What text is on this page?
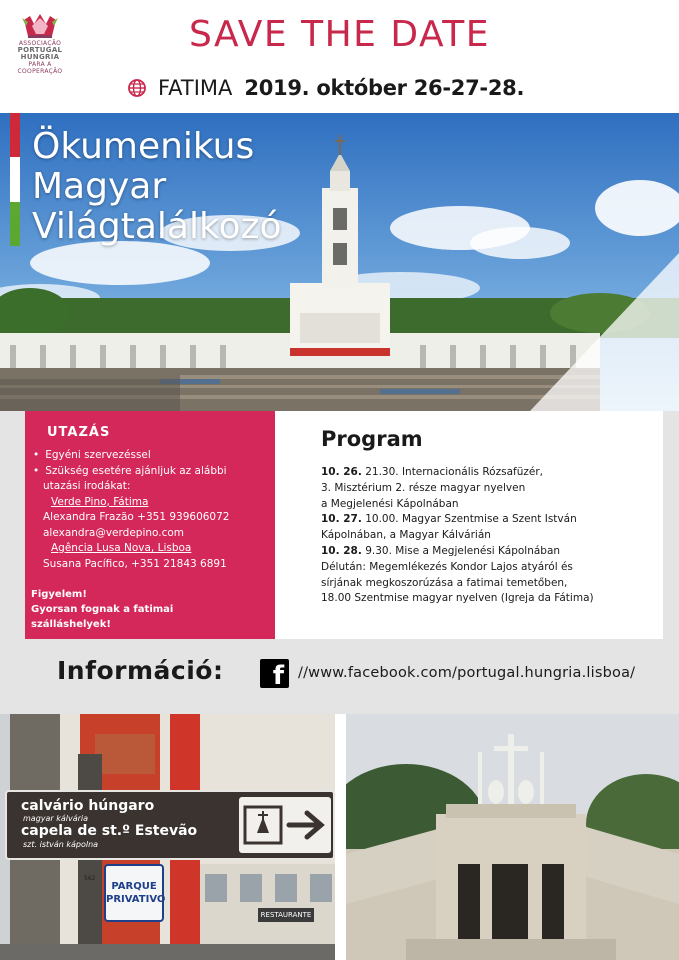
ASSOCIAÇÃO
PORTUGAL
HUNGRIA
PARA A COOPERAÇÃO
SAVE THE DATE
FATIMA 2019. október 26-27-28.
Ökumenikus
Magyar
Világtalálkozó
UTAZÁS
• Egyéni szervezéssel
• Szükség esetére ajánljuk az alábbi
utazási irodákat:
Verde Pino, Fátima
Alexandra Frazão +351 939606072
alexandra@verdepino.com
Agência Lusa Nova, Lisboa
Susana Pacífico, +351 21843 6891
Figyelem!
Gyorsan fognak a fatimai
szálláshelyek!
Program
10. 26. 21.30. Internacionális Rózsafüzér,
3. Misztérium 2. része magyar nyelven
a Megjelenési Kápolnában
10. 27. 10.00. Magyar Szentmise a Szent István
Kápolnában, a Magyar Kálvárián
10. 28. 9.30. Mise a Megjelenési Kápolnában
Délután: Megemlékezés Kondor Lajos atyáról és
sírjának megkoszorúzása a fatimai temetőben,
18.00 Szentmise magyar nyelven (Igreja da Fátima)
Információ: f //www.facebook.com/portugal.hungria.lisboa/
calvário húngaro
magyar kálvária
capela de st.º Estevão
szt. istván kápolna
562
PARQUE
PRIVATIVO
RESTAURANTE
